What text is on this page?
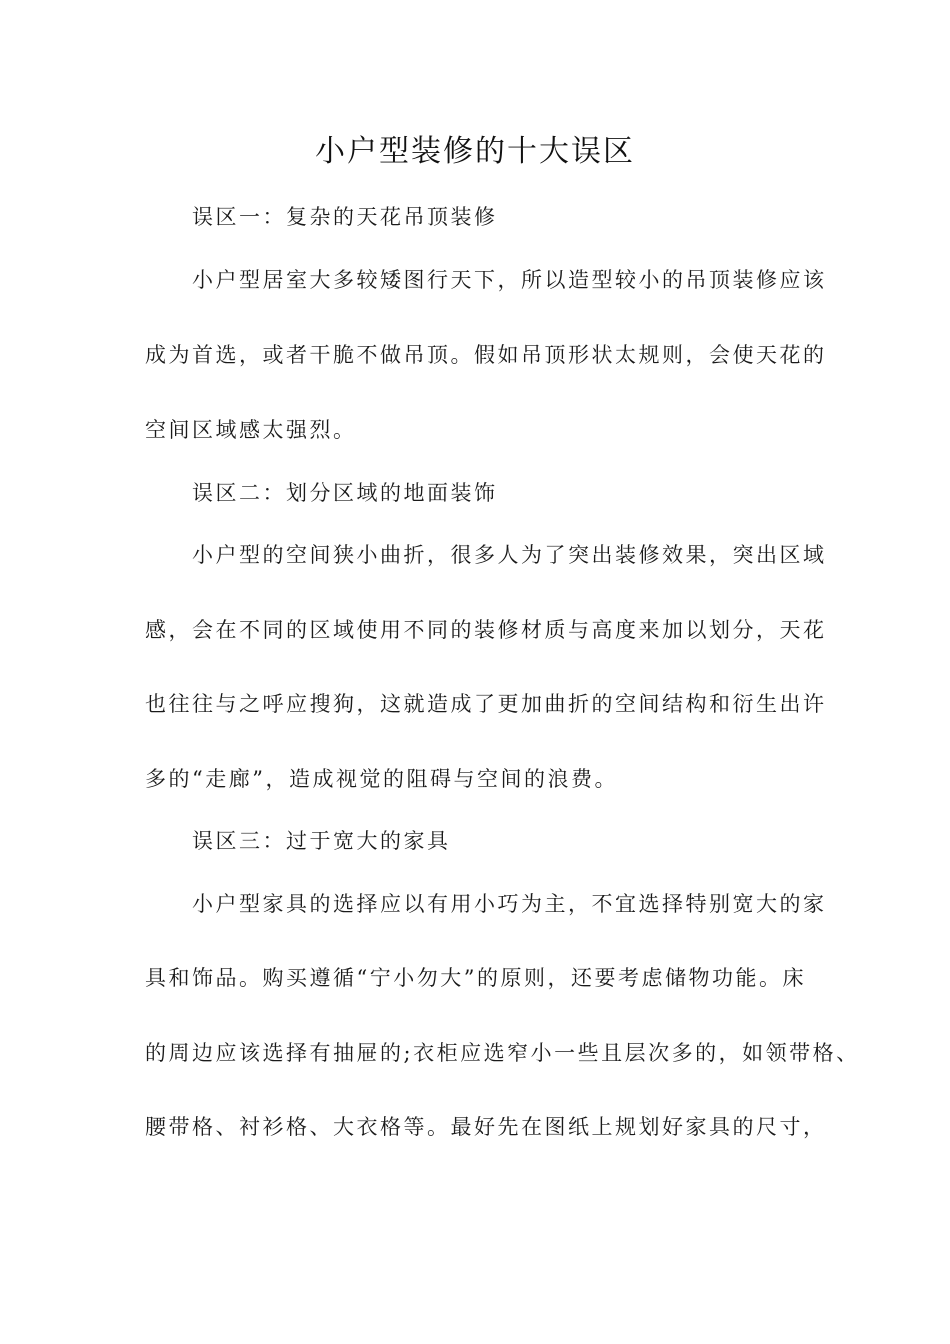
小户型装修的十大误区
误区一：复杂的天花吊顶装修
小户型居室大多较矮图行天下，所以造型较小的吊顶装修应该
成为首选，或者干脆不做吊顶。假如吊顶形状太规则，会使天花的
空间区域感太强烈。
误区二：划分区域的地面装饰
小户型的空间狭小曲折，很多人为了突出装修效果，突出区域
感，会在不同的区域使用不同的装修材质与高度来加以划分，天花
也往往与之呼应搜狗，这就造成了更加曲折的空间结构和衍生出许
多的“走廊”，造成视觉的阻碍与空间的浪费。
误区三：过于宽大的家具
小户型家具的选择应以有用小巧为主，不宜选择特别宽大的家
具和饰品。购买遵循“宁小勿大”的原则，还要考虑储物功能。床
的周边应该选择有抽屉的;衣柜应选窄小一些且层次多的，如领带格、
腰带格、衬衫格、大衣格等。最好先在图纸上规划好家具的尺寸，
